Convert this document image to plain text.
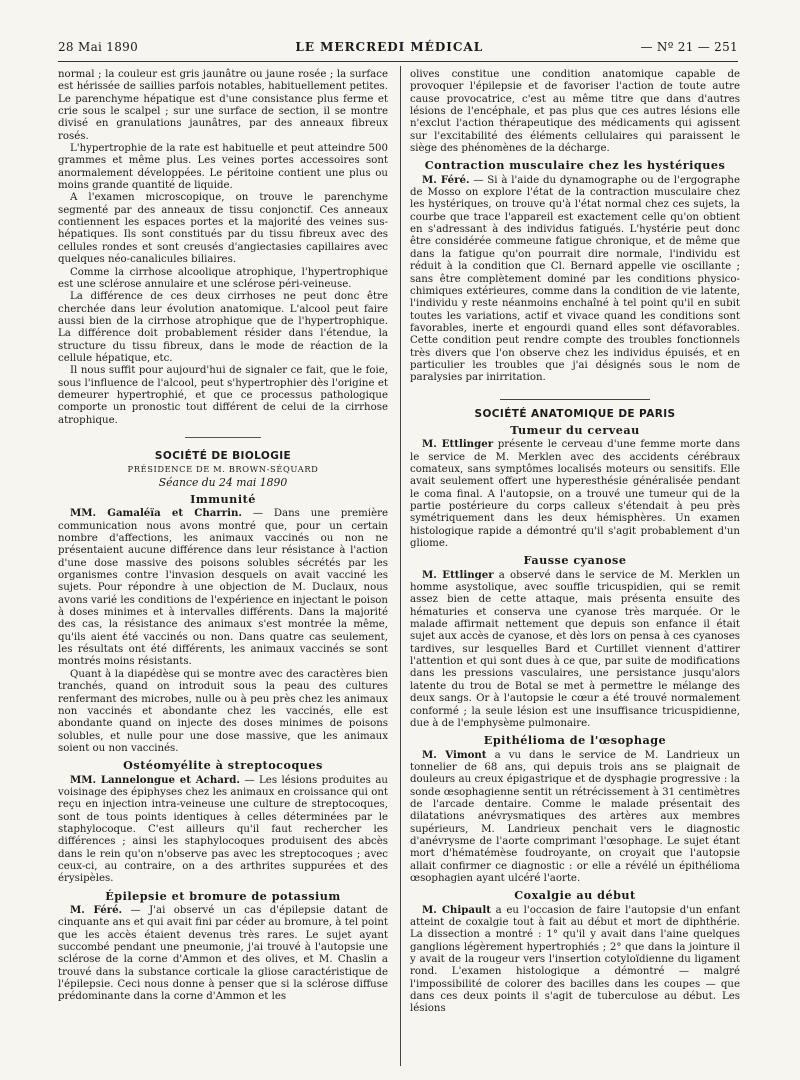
28 Mai 1890	LE MERCREDI MÉDICAL	— Nº 21 — 251

normal ; la couleur est gris jaunâtre ou jaune rosée ; la surface est hérissée de saillies parfois notables, habituellement petites. Le parenchyme hépatique est d'une consistance plus ferme et crie sous le scalpel ; sur une surface de section, il se montre divisé en granulations jaunâtres, par des anneaux fibreux rosés.

L'hypertrophie de la rate est habituelle et peut atteindre 500 grammes et même plus. Les veines portes accessoires sont anormalement développées. Le péritoine contient une plus ou moins grande quantité de liquide.

A l'examen microscopique, on trouve le parenchyme segmenté par des anneaux de tissu conjonctif. Ces anneaux contiennent les espaces portes et la majorité des veines sus-hépatiques. Ils sont constitués par du tissu fibreux avec des cellules rondes et sont creusés d'angiectasies capillaires avec quelques néo-canalicules biliaires.

Comme la cirrhose alcoolique atrophique, l'hypertrophique est une sclérose annulaire et une sclérose péri-veineuse.

La différence de ces deux cirrhoses ne peut donc être cherchée dans leur évolution anatomique. L'alcool peut faire aussi bien de la cirrhose atrophique que de l'hypertrophique. La différence doit probablement résider dans l'étendue, la structure du tissu fibreux, dans le mode de réaction de la cellule hépatique, etc.

Il nous suffit pour aujourd'hui de signaler ce fait, que le foie, sous l'influence de l'alcool, peut s'hypertrophier dès l'origine et demeurer hypertrophié, et que ce processus pathologique comporte un pronostic tout différent de celui de la cirrhose atrophique.

SOCIÉTÉ DE BIOLOGIE
PRÉSIDENCE DE M. BROWN-SÉQUARD
Séance du 24 mai 1890
Immunité

MM. Gamaléïa et Charrin. — Dans une première communication nous avons montré que, pour un certain nombre d'affections, les animaux vaccinés ou non ne présentaient aucune différence dans leur résistance à l'action d'une dose massive des poisons solubles sécrétés par les organismes contre l'invasion desquels on avait vacciné les sujets. Pour répondre à une objection de M. Duclaux, nous avons varié les conditions de l'expérience en injectant le poison à doses minimes et à intervalles différents. Dans la majorité des cas, la résistance des animaux s'est montrée la même, qu'ils aient été vaccinés ou non. Dans quatre cas seulement, les résultats ont été différents, les animaux vaccinés se sont montrés moins résistants.

Quant à la diapédèse qui se montre avec des caractères bien tranchés, quand on introduit sous la peau des cultures renfermant des microbes, nulle ou à peu près chez les animaux non vaccinés et abondante chez les vaccinés, elle est abondante quand on injecte des doses minimes de poisons solubles, et nulle pour une dose massive, que les animaux soient ou non vaccinés.

Ostéomyélite à streptocoques

MM. Lannelongue et Achard. — Les lésions produites au voisinage des épiphyses chez les animaux en croissance qui ont reçu en injection intra-veineuse une culture de streptocoques, sont de tous points identiques à celles déterminées par le staphylocoque. C'est ailleurs qu'il faut rechercher les différences ; ainsi les staphylocoques produisent des abcès dans le rein qu'on n'observe pas avec les streptocoques ; avec ceux-ci, au contraire, on a des arthrites suppurées et des érysipèles.

Épilepsie et bromure de potassium

M. Féré. — J'ai observé un cas d'épilepsie datant de cinquante ans et qui avait fini par céder au bromure, à tel point que les accès étaient devenus très rares. Le sujet ayant succombé pendant une pneumonie, j'ai trouvé à l'autopsie une sclérose de la corne d'Ammon et des olives, et M. Chaslin a trouvé dans la substance corticale la gliose caractéristique de l'épilepsie. Ceci nous donne à penser que si la sclérose diffuse prédominante dans la corne d'Ammon et les

olives constitue une condition anatomique capable de provoquer l'épilepsie et de favoriser l'action de toute autre cause provocatrice, c'est au même titre que dans d'autres lésions de l'encéphale, et pas plus que ces autres lésions elle n'exclut l'action thérapeutique des médicaments qui agissent sur l'excitabilité des éléments cellulaires qui paraissent le siège des phénomènes de la décharge.

Contraction musculaire chez les hystériques

M. Féré. — Si à l'aide du dynamographe ou de l'ergographe de Mosso on explore l'état de la contraction musculaire chez les hystériques, on trouve qu'à l'état normal chez ces sujets, la courbe que trace l'appareil est exactement celle qu'on obtient en s'adressant à des individus fatigués. L'hystérie peut donc être considérée commeune fatigue chronique, et de même que dans la fatigue qu'on pourrait dire normale, l'individu est réduit à la condition que Cl. Bernard appelle vie oscillante ; sans être complètement dominé par les conditions physico-chimiques extérieures, comme dans la condition de vie latente, l'individu y reste néanmoins enchaîné à tel point qu'il en subit toutes les variations, actif et vivace quand les conditions sont favorables, inerte et engourdi quand elles sont défavorables. Cette condition peut rendre compte des troubles fonctionnels très divers que l'on observe chez les individus épuisés, et en particulier les troubles que j'ai désignés sous le nom de paralysies par inirritation.

SOCIÉTÉ ANATOMIQUE DE PARIS
Tumeur du cerveau

M. Ettlinger présente le cerveau d'une femme morte dans le service de M. Merklen avec des accidents cérébraux comateux, sans symptômes localisés moteurs ou sensitifs. Elle avait seulement offert une hyperesthésie généralisée pendant le coma final. A l'autopsie, on a trouvé une tumeur qui de la partie postérieure du corps calleux s'étendait à peu près symétriquement dans les deux hémisphères. Un examen histologique rapide a démontré qu'il s'agit probablement d'un gliome.

Fausse cyanose

M. Ettlinger a observé dans le service de M. Merklen un homme asystolique, avec souffle tricuspidien, qui se remit assez bien de cette attaque, mais présenta ensuite des hématuries et conserva une cyanose très marquée. Or le malade affirmait nettement que depuis son enfance il était sujet aux accès de cyanose, et dès lors on pensa à ces cyanoses tardives, sur lesquelles Bard et Curtillet viennent d'attirer l'attention et qui sont dues à ce que, par suite de modifications dans les pressions vasculaires, une persistance jusqu'alors latente du trou de Botal se met à permettre le mélange des deux sangs. Or à l'autopsie le cœur a été trouvé normalement conformé ; la seule lésion est une insuffisance tricuspidienne, due à de l'emphysème pulmonaire.

Epithélioma de l'œsophage

M. Vimont a vu dans le service de M. Landrieux un tonnelier de 68 ans, qui depuis trois ans se plaignait de douleurs au creux épigastrique et de dysphagie progressive : la sonde œsophagienne sentit un rétrécissement à 31 centimètres de l'arcade dentaire. Comme le malade présentait des dilatations anévrysmatiques des artères aux membres supérieurs, M. Landrieux penchait vers le diagnostic d'anévrysme de l'aorte comprimant l'œsophage. Le sujet étant mort d'hématémèse foudroyante, on croyait que l'autopsie allait confirmer ce diagnostic : or elle a révélé un épithélioma œsophagien ayant ulcéré l'aorte.

Coxalgie au début

M. Chipault a eu l'occasion de faire l'autopsie d'un enfant atteint de coxalgie tout à fait au début et mort de diphthérie. La dissection a montré : 1° qu'il y avait dans l'aine quelques ganglions légèrement hypertrophiés ; 2° que dans la jointure il y avait de la rougeur vers l'insertion cotyloïdienne du ligament rond. L'examen histologique a démontré — malgré l'impossibilité de colorer des bacilles dans les coupes — que dans ces deux points il s'agit de tuberculose au début. Les lésions
